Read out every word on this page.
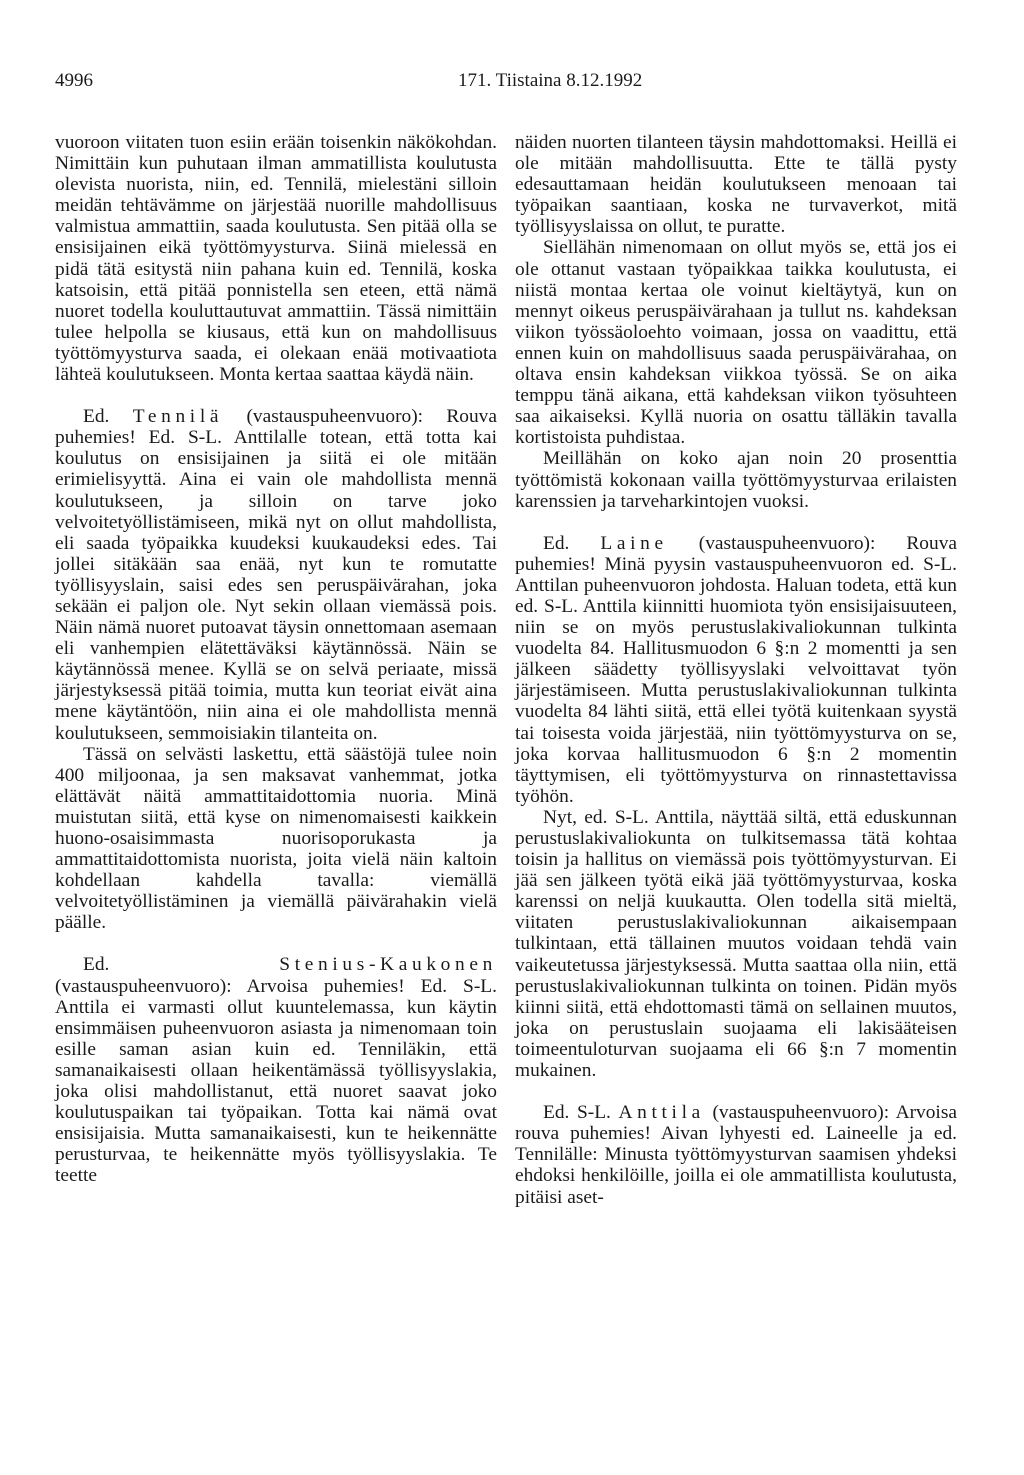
4996	171. Tiistaina 8.12.1992

vuoroon viitaten tuon esiin erään toisenkin näkökohdan. Nimittäin kun puhutaan ilman ammatillista koulutusta olevista nuorista, niin, ed. Tennilä, mielestäni silloin meidän tehtävämme on järjestää nuorille mahdollisuus valmistua ammattiin, saada koulutusta. Sen pitää olla se ensisijainen eikä työttömyysturva. Siinä mielessä en pidä tätä esitystä niin pahana kuin ed. Tennilä, koska katsoisin, että pitää ponnistella sen eteen, että nämä nuoret todella kouluttautuvat ammattiin. Tässä nimittäin tulee helpolla se kiusaus, että kun on mahdollisuus työttömyysturva saada, ei olekaan enää motivaatiota lähteä koulutukseen. Monta kertaa saattaa käydä näin.

Ed. Tennilä (vastauspuheenvuoro): Rouva puhemies! Ed. S-L. Anttilalle totean, että totta kai koulutus on ensisijainen ja siitä ei ole mitään erimielisyyttä. Aina ei vain ole mahdollista mennä koulutukseen, ja silloin on tarve joko velvoitetyöllistämiseen, mikä nyt on ollut mahdollista, eli saada työpaikka kuudeksi kuukaudeksi edes. Tai jollei sitäkään saa enää, nyt kun te romutatte työllisyyslain, saisi edes sen peruspäivärahan, joka sekään ei paljon ole. Nyt sekin ollaan viemässä pois. Näin nämä nuoret putoavat täysin onnettomaan asemaan eli vanhempien elätettäväksi käytännössä. Näin se käytännössä menee. Kyllä se on selvä periaate, missä järjestyksessä pitää toimia, mutta kun teoriat eivät aina mene käytäntöön, niin aina ei ole mahdollista mennä koulutukseen, semmoisiakin tilanteita on.

Tässä on selvästi laskettu, että säästöjä tulee noin 400 miljoonaa, ja sen maksavat vanhemmat, jotka elättävät näitä ammattitaidottomia nuoria. Minä muistutan siitä, että kyse on nimenomaisesti kaikkein huono-osaisimmasta nuorisoporukasta ja ammattitaidottomista nuorista, joita vielä näin kaltoin kohdellaan kahdella tavalla: viemällä velvoitetyöllistäminen ja viemällä päivärahakin vielä päälle.

Ed.	Stenius-Kaukonen (vastauspuheenvuoro): Arvoisa puhemies! Ed. S-L. Anttila ei varmasti ollut kuuntelemassa, kun käytin ensimmäisen puheenvuoron asiasta ja nimenomaan toin esille saman asian kuin ed. Tenniläkin, että samanaikaisesti ollaan heikentämässä työllisyyslakia, joka olisi mahdollistanut, että nuoret saavat joko koulutuspaikan tai työpaikan. Totta kai nämä ovat ensisijaisia. Mutta samanaikaisesti, kun te heikennätte perusturvaa, te heikennätte myös työllisyyslakia. Te teette

näiden nuorten tilanteen täysin mahdottomaksi. Heillä ei ole mitään mahdollisuutta. Ette te tällä pysty edesauttamaan heidän koulutukseen menoaan tai työpaikan saantiaan, koska ne turvaverkot, mitä työllisyyslaissa on ollut, te puratte.

Siellähän nimenomaan on ollut myös se, että jos ei ole ottanut vastaan työpaikkaa taikka koulutusta, ei niistä montaa kertaa ole voinut kieltäytyä, kun on mennyt oikeus peruspäivärahaan ja tullut ns. kahdeksan viikon työssäoloehto voimaan, jossa on vaadittu, että ennen kuin on mahdollisuus saada peruspäivärahaa, on oltava ensin kahdeksan viikkoa työssä. Se on aika temppu tänä aikana, että kahdeksan viikon työsuhteen saa aikaiseksi. Kyllä nuoria on osattu tälläkin tavalla kortistoista puhdistaa.

Meillähän on koko ajan noin 20 prosenttia työttömistä kokonaan vailla työttömyysturvaa erilaisten karenssien ja tarveharkintojen vuoksi.

Ed. Laine (vastauspuheenvuoro): Rouva puhemies! Minä pyysin vastauspuheenvuoron ed. S-L. Anttilan puheenvuoron johdosta. Haluan todeta, että kun ed. S-L. Anttila kiinnitti huomiota työn ensisijaisuuteen, niin se on myös perustuslakivaliokunnan tulkinta vuodelta 84. Hallitusmuodon 6 §:n 2 momentti ja sen jälkeen säädetty työllisyyslaki velvoittavat työn järjestämiseen. Mutta perustuslakivaliokunnan tulkinta vuodelta 84 lähti siitä, että ellei työtä kuitenkaan syystä tai toisesta voida järjestää, niin työttömyysturva on se, joka korvaa hallitusmuodon 6 §:n 2 momentin täyttymisen, eli työttömyysturva on rinnastettavissa työhön.

Nyt, ed. S-L. Anttila, näyttää siltä, että eduskunnan perustuslakivaliokunta on tulkitsemassa tätä kohtaa toisin ja hallitus on viemässä pois työttömyysturvan. Ei jää sen jälkeen työtä eikä jää työttömyysturvaa, koska karenssi on neljä kuukautta. Olen todella sitä mieltä, viitaten perustuslakivaliokunnan aikaisempaan tulkintaan, että tällainen muutos voidaan tehdä vain vaikeutetussa järjestyksessä. Mutta saattaa olla niin, että perustuslakivaliokunnan tulkinta on toinen. Pidän myös kiinni siitä, että ehdottomasti tämä on sellainen muutos, joka on perustuslain suojaama eli lakisääteisen toimeentuloturvan suojaama eli 66 §:n 7 momentin mukainen.

Ed. S-L. Anttila (vastauspuheenvuoro): Arvoisa rouva puhemies! Aivan lyhyesti ed. Laineelle ja ed. Tennilälle: Minusta työttömyysturvan saamisen yhdeksi ehdoksi henkilöille, joilla ei ole ammatillista koulutusta, pitäisi aset-
